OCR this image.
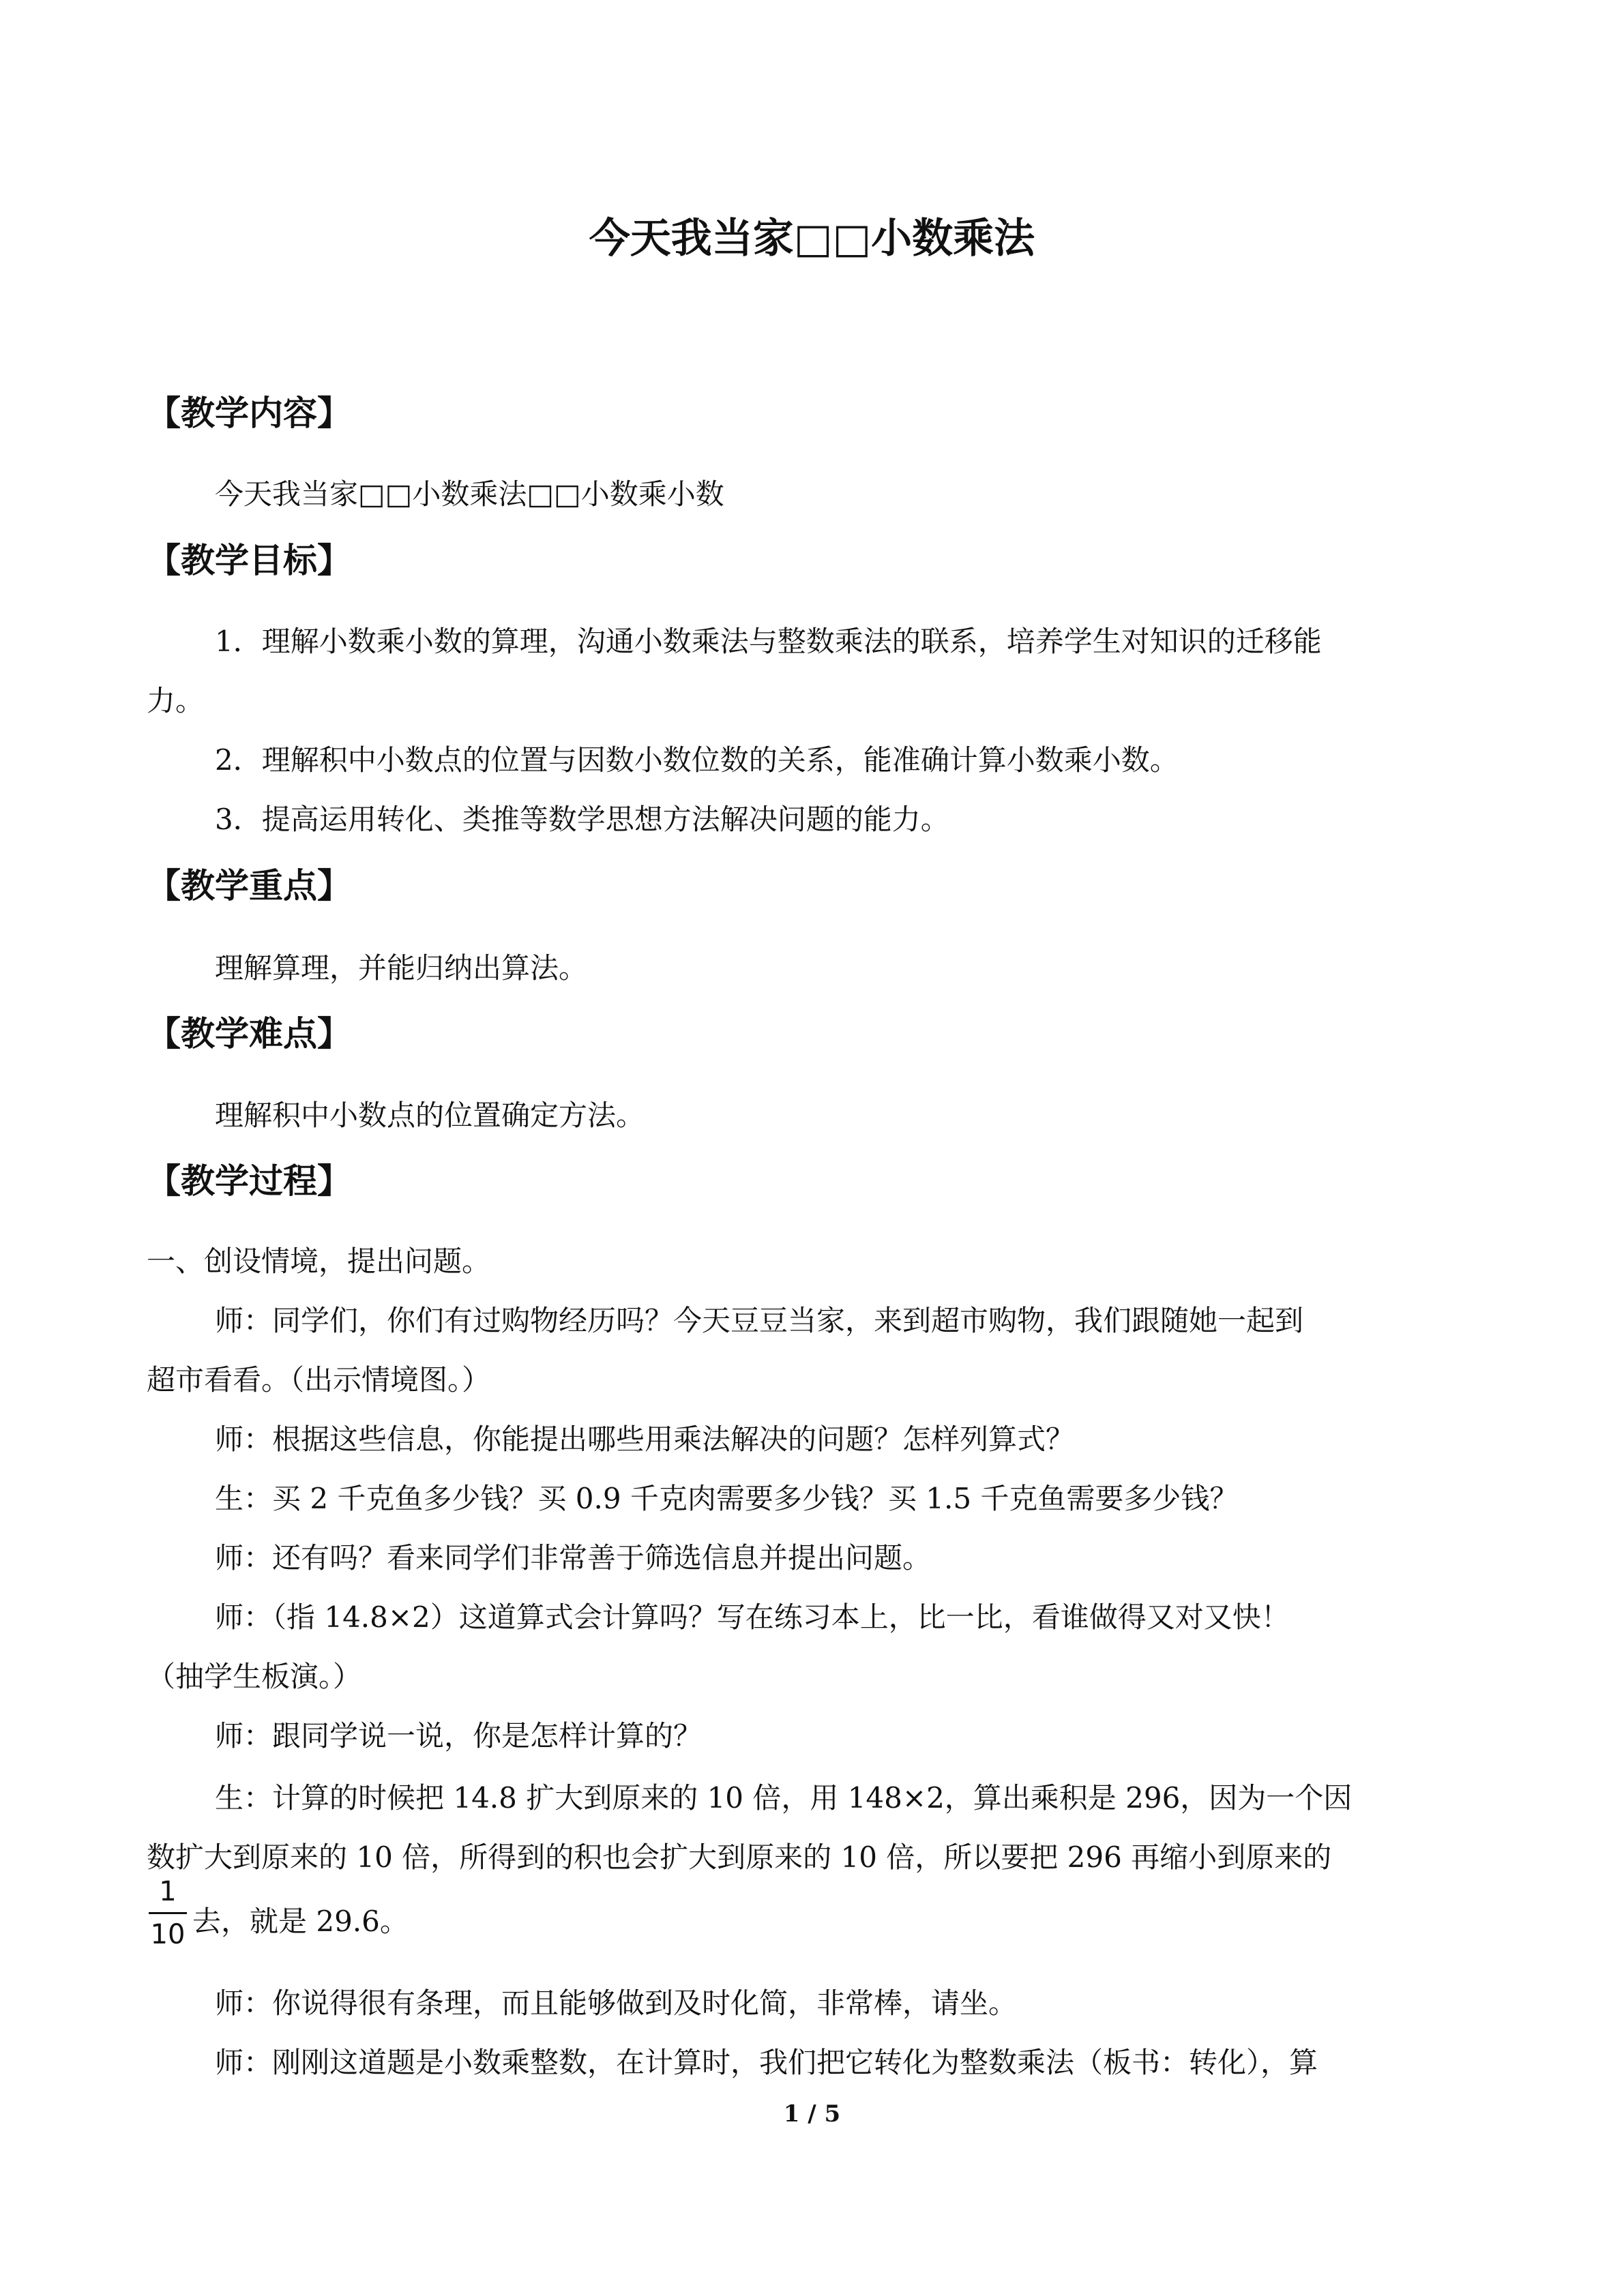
今天我当家□□小数乘法
【教学内容】
今天我当家□□小数乘法□□小数乘小数
【教学目标】
1．理解小数乘小数的算理，沟通小数乘法与整数乘法的联系，培养学生对知识的迁移能
力。
2．理解积中小数点的位置与因数小数位数的关系，能准确计算小数乘小数。
3．提高运用转化、类推等数学思想方法解决问题的能力。
【教学重点】
理解算理，并能归纳出算法。
【教学难点】
理解积中小数点的位置确定方法。
【教学过程】
一、创设情境，提出问题。
师：同学们，你们有过购物经历吗？今天豆豆当家，来到超市购物，我们跟随她一起到
超市看看。（出示情境图。）
师：根据这些信息，你能提出哪些用乘法解决的问题？怎样列算式？
生：买 2 千克鱼多少钱？买 0.9 千克肉需要多少钱？买 1.5 千克鱼需要多少钱？
师：还有吗？看来同学们非常善于筛选信息并提出问题。
师：（指 14.8×2）这道算式会计算吗？写在练习本上，比一比，看谁做得又对又快！
（抽学生板演。）
师：跟同学说一说，你是怎样计算的？
生：计算的时候把 14.8 扩大到原来的 10 倍，用 148×2，算出乘积是 296，因为一个因
数扩大到原来的 10 倍，所得到的积也会扩大到原来的 10 倍，所以要把 296 再缩小到原来的
1
10 去，就是 29.6。
师：你说得很有条理，而且能够做到及时化简，非常棒，请坐。
师：刚刚这道题是小数乘整数，在计算时，我们把它转化为整数乘法（板书：转化），算
1 / 5
